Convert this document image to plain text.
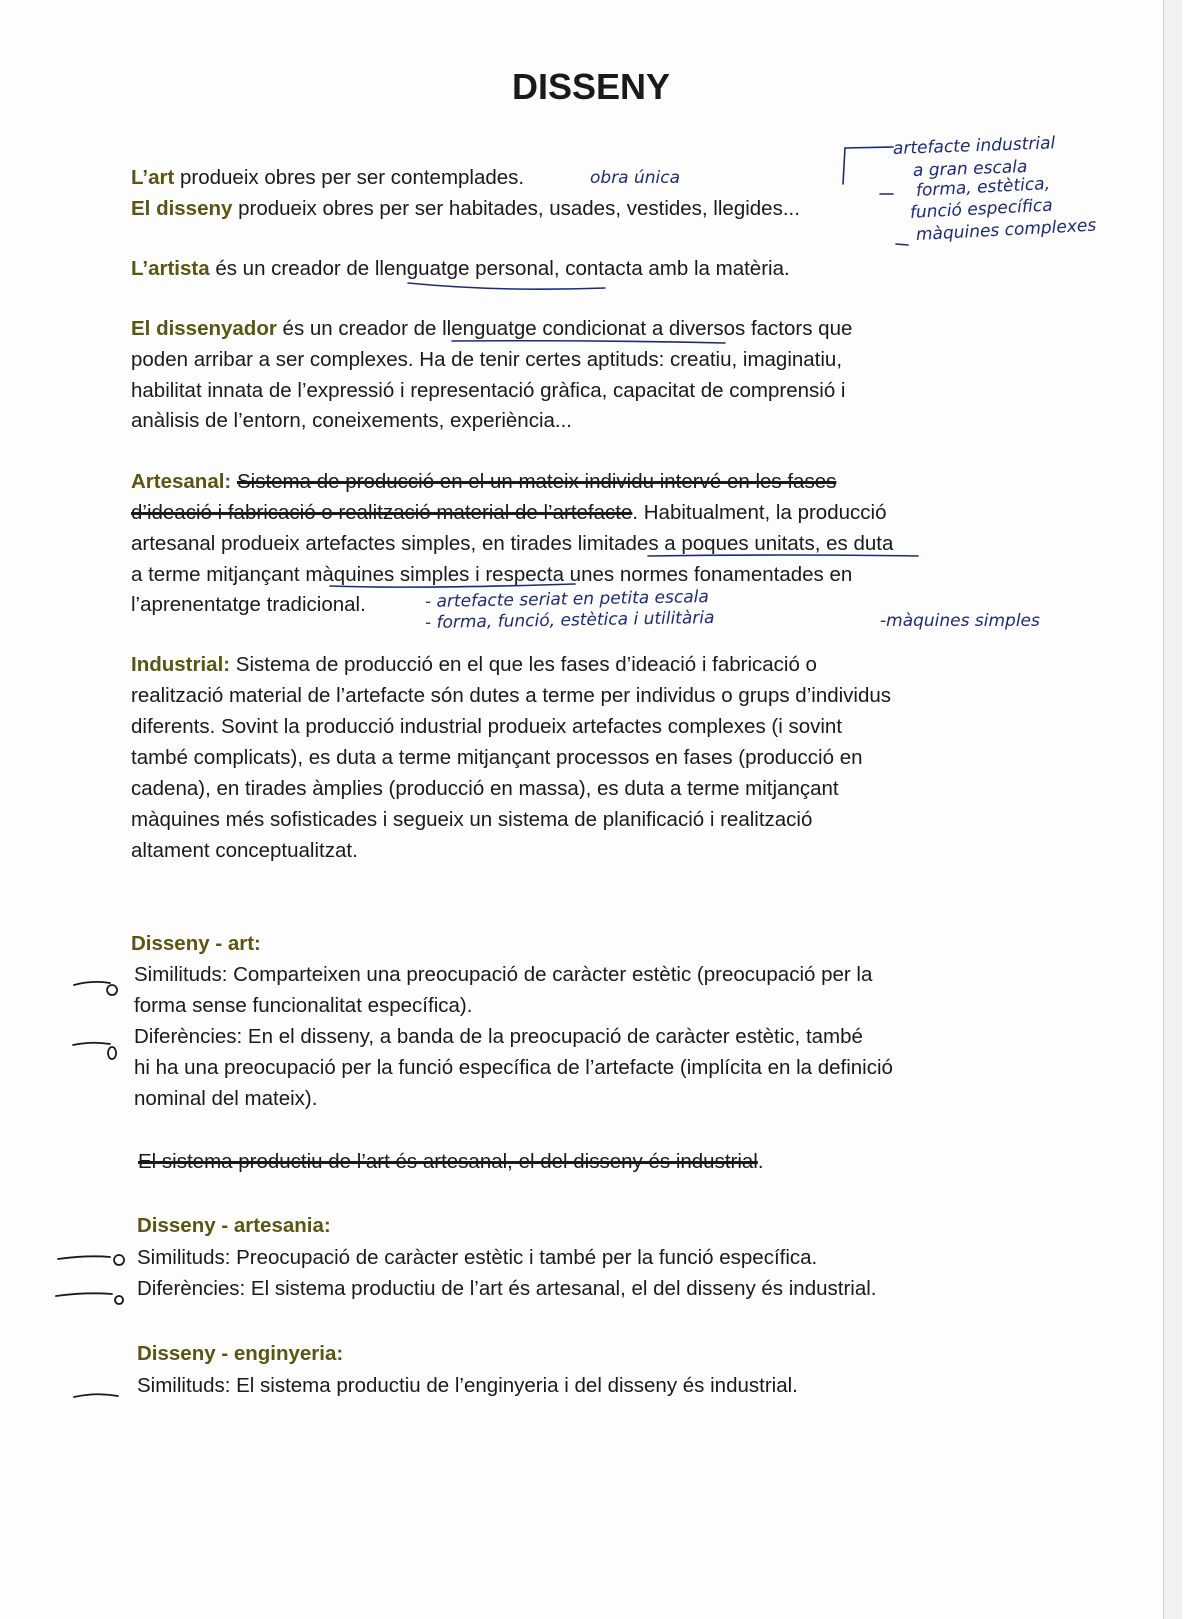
DISSENY
L’art produeix obres per ser contemplades.
El disseny produeix obres per ser habitades, usades, vestides, llegides...
L’artista és un creador de llenguatge personal, contacta amb la matèria.
El dissenyador és un creador de llenguatge condicionat a diversos factors que
poden arribar a ser complexes. Ha de tenir certes aptituds: creatiu, imaginatiu,
habilitat innata de l’expressió i representació gràfica, capacitat de comprensió i
anàlisis de l’entorn, coneixements, experiència...
Artesanal: Sistema de producció en el un mateix individu intervé en les fases
d’ideació i fabricació o realització material de l’artefacte. Habitualment, la producció
artesanal produeix artefactes simples, en tirades limitades a poques unitats, es duta
a terme mitjançant màquines simples i respecta unes normes fonamentades en
l’aprenentatge tradicional.
Industrial: Sistema de producció en el que les fases d’ideació i fabricació o
realització material de l’artefacte són dutes a terme per individus o grups d’individus
diferents. Sovint la producció industrial produeix artefactes complexes (i sovint
també complicats), es duta a terme mitjançant processos en fases (producció en
cadena), en tirades àmplies (producció en massa), es duta a terme mitjançant
màquines més sofisticades i segueix un sistema de planificació i realització
altament conceptualitzat.
Disseny - art:
Similituds: Comparteixen una preocupació de caràcter estètic (preocupació per la
forma sense funcionalitat específica).
Diferències: En el disseny, a banda de la preocupació de caràcter estètic, també
hi ha una preocupació per la funció específica de l’artefacte (implícita en la definició
nominal del mateix).
El sistema productiu de l’art és artesanal, el del disseny és industrial.
Disseny - artesania:
Similituds: Preocupació de caràcter estètic i també per la funció específica.
Diferències: El sistema productiu de l’art és artesanal, el del disseny és industrial.
Disseny - enginyeria:
Similituds: El sistema productiu de l’enginyeria i del disseny és industrial.
obra única
artefacte industrial
a gran escala
forma, estètica,
funció específica
màquines complexes
- artefacte seriat en petita escala
- forma, funció, estètica i utilitària	-màquines simples
